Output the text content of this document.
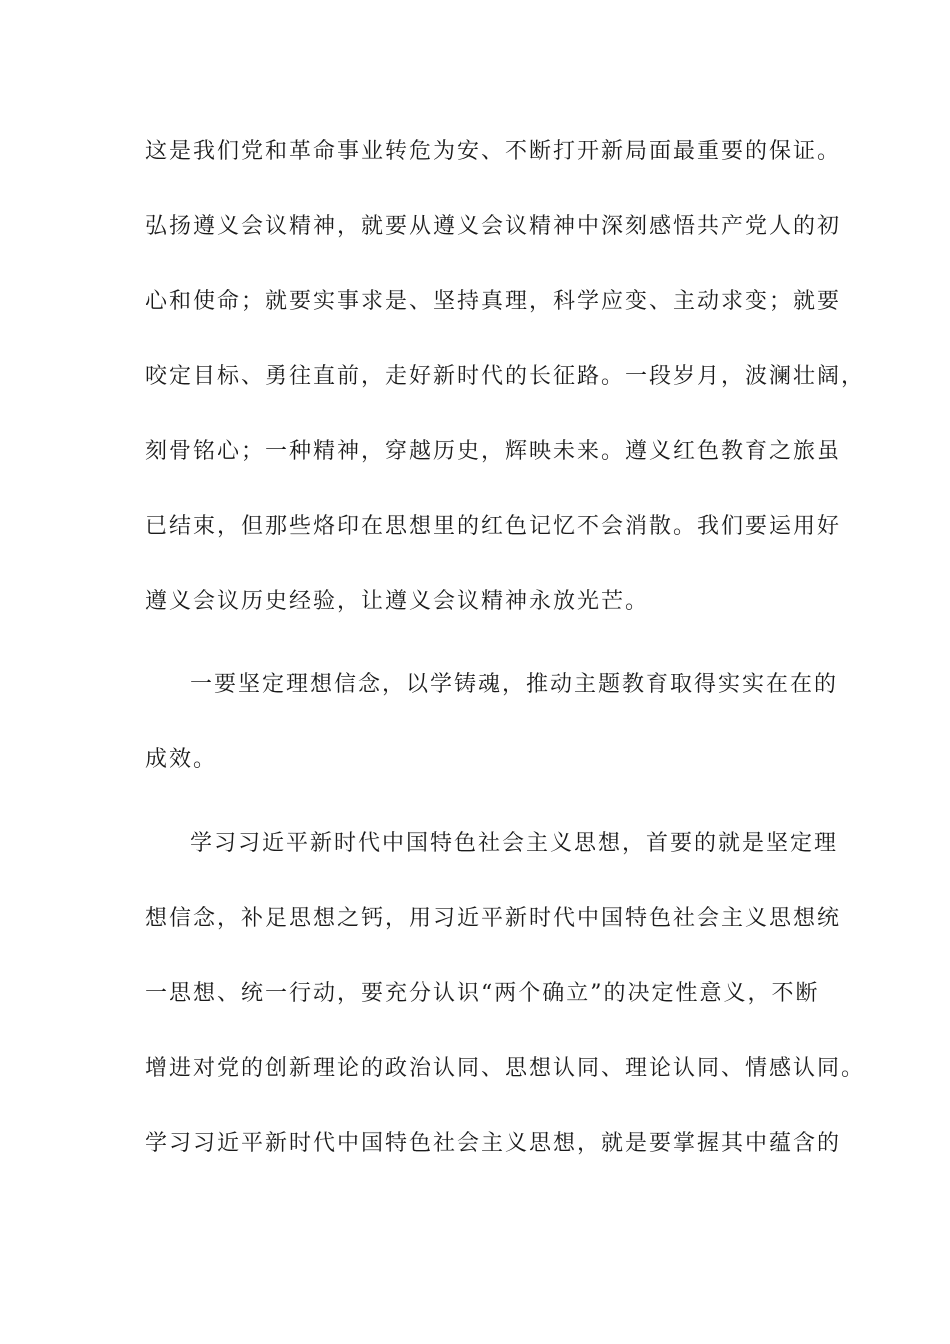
这是我们党和革命事业转危为安、不断打开新局面最重要的保证。

弘扬遵义会议精神，就要从遵义会议精神中深刻感悟共产党人的初

心和使命；就要实事求是、坚持真理，科学应变、主动求变；就要

咬定目标、勇往直前，走好新时代的长征路。一段岁月，波澜壮阔，

刻骨铭心；一种精神，穿越历史，辉映未来。遵义红色教育之旅虽

已结束，但那些烙印在思想里的红色记忆不会消散。我们要运用好

遵义会议历史经验，让遵义会议精神永放光芒。

一要坚定理想信念，以学铸魂，推动主题教育取得实实在在的

成效。

学习习近平新时代中国特色社会主义思想，首要的就是坚定理

想信念，补足思想之钙，用习近平新时代中国特色社会主义思想统

一思想、统一行动，要充分认识“两个确立”的决定性意义，不断

增进对党的创新理论的政治认同、思想认同、理论认同、情感认同。

学习习近平新时代中国特色社会主义思想，就是要掌握其中蕴含的
